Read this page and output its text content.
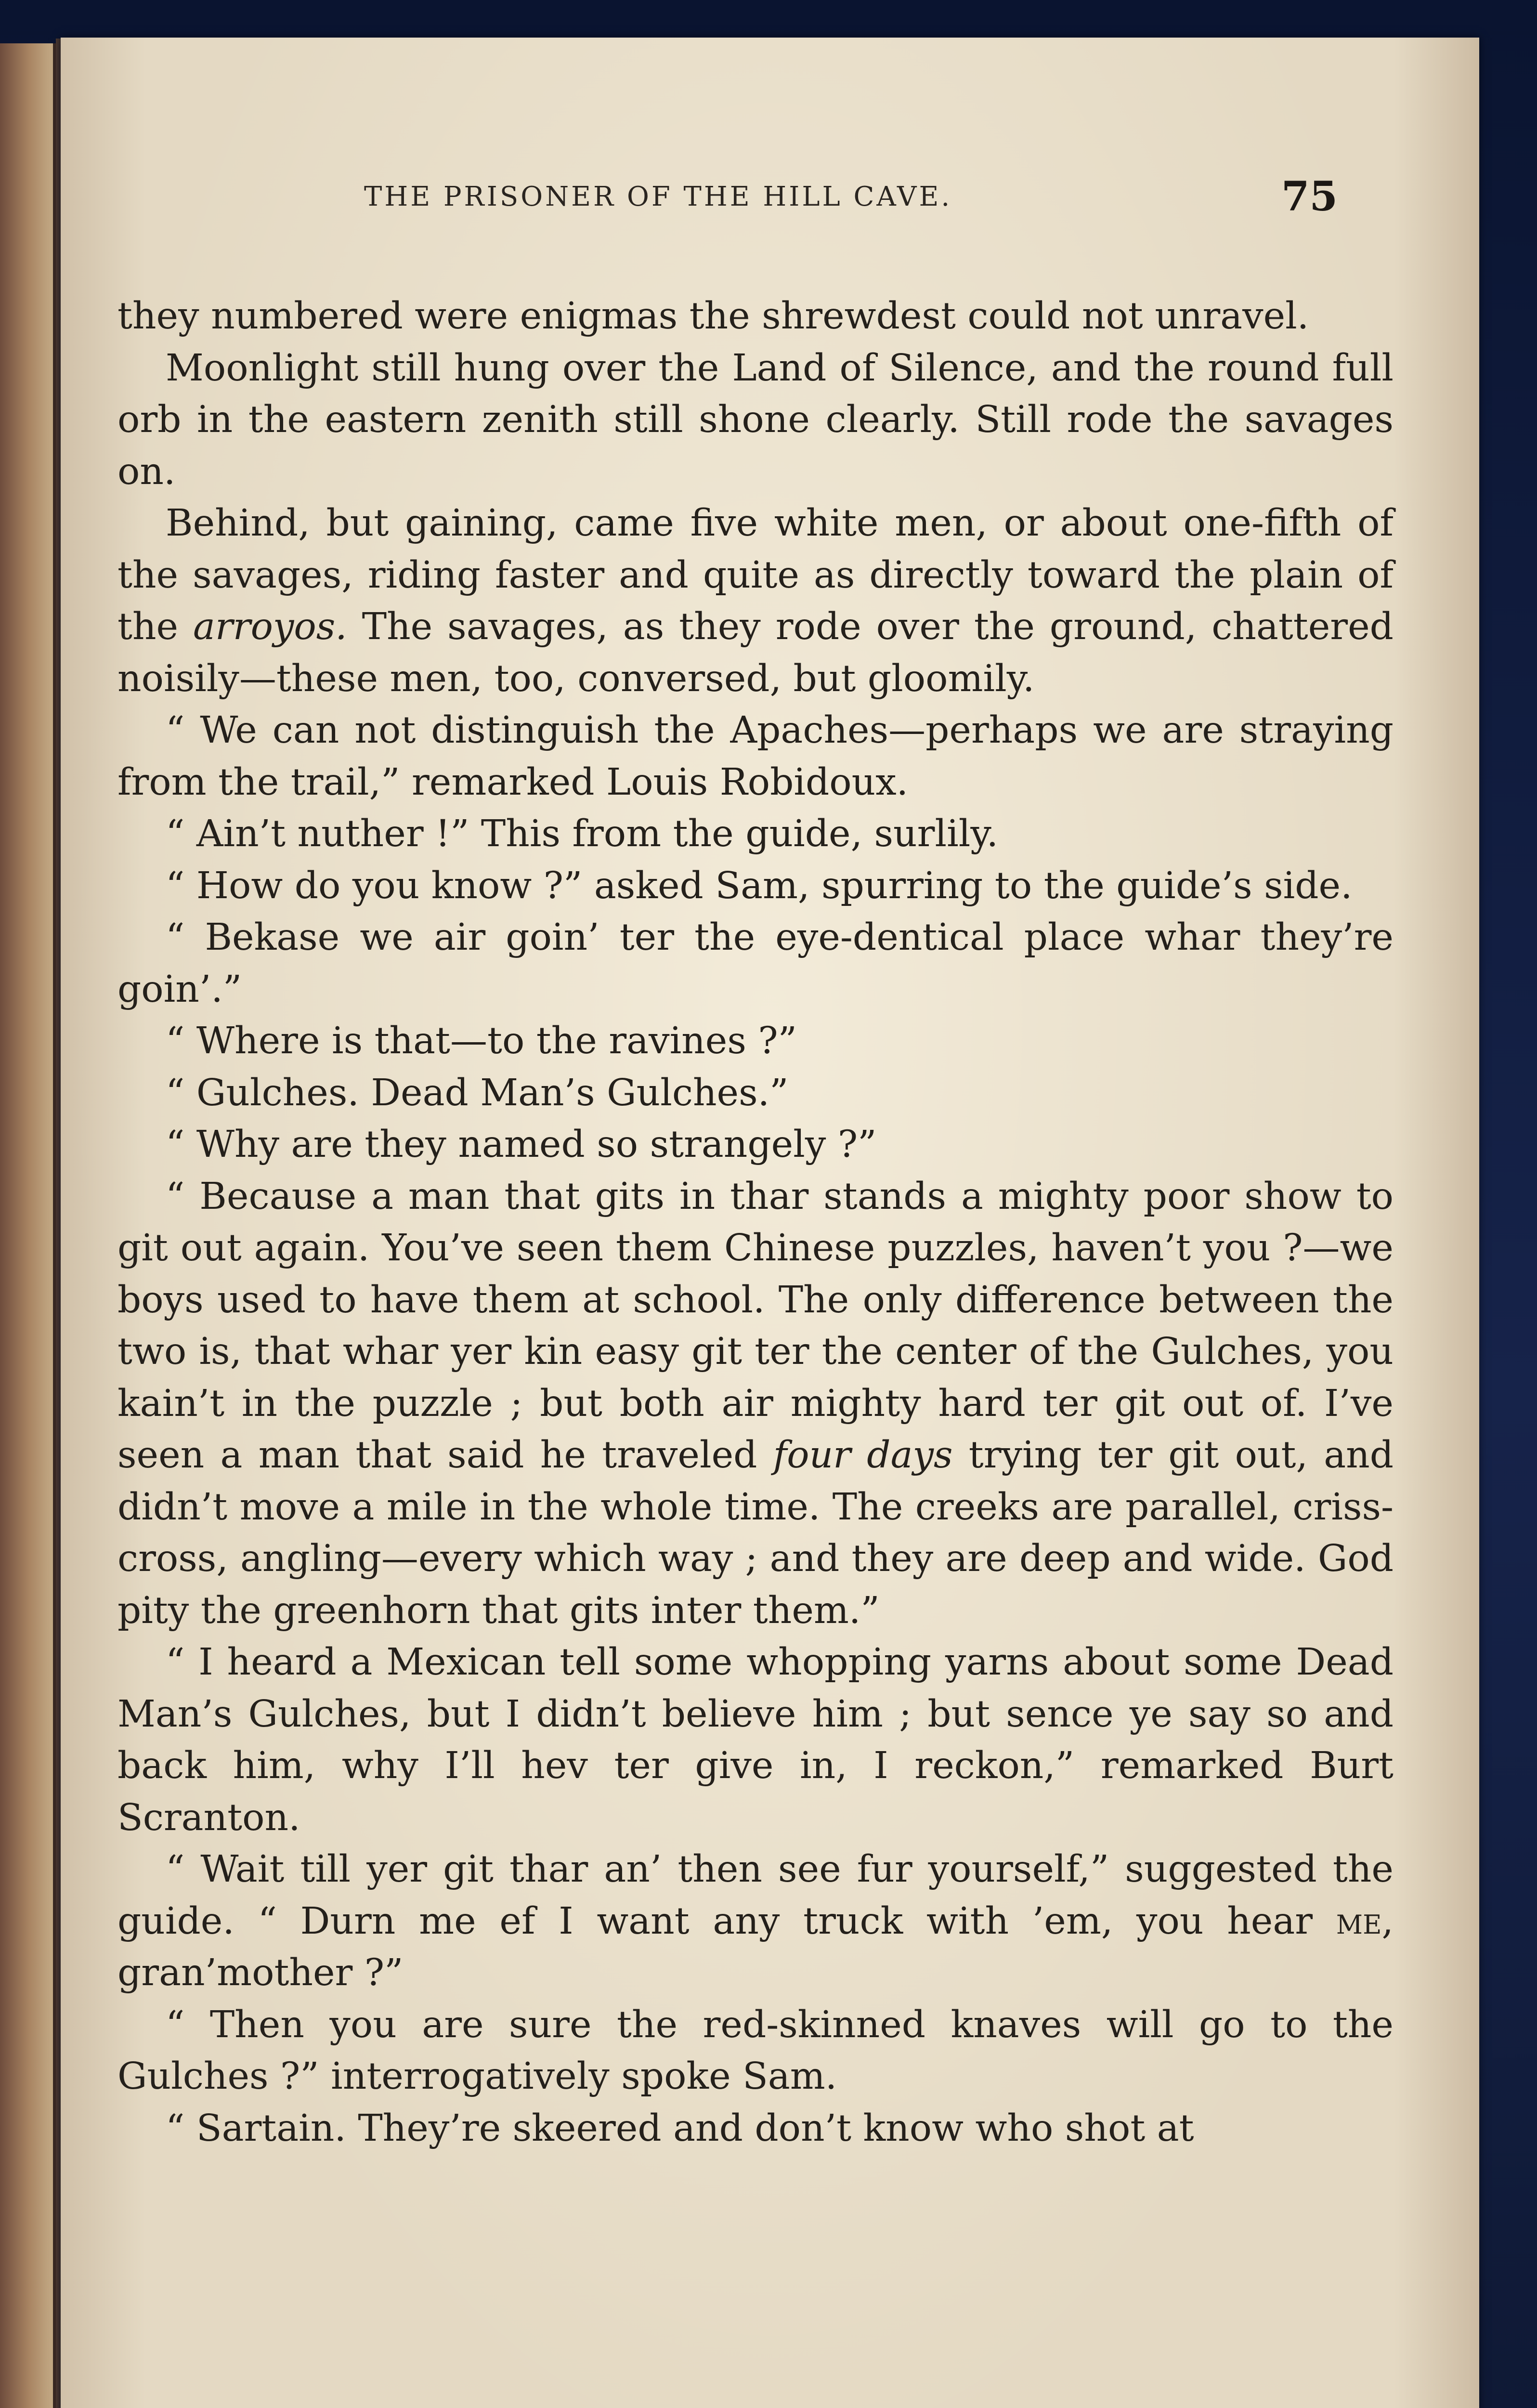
THE PRISONER OF THE HILL CAVE.	75

they numbered were enigmas the shrewdest could not unravel.

Moonlight still hung over the Land of Silence, and the round full orb in the eastern zenith still shone clearly. Still rode the savages on.

Behind, but gaining, came five white men, or about one-fifth of the savages, riding faster and quite as directly toward the plain of the arroyos. The savages, as they rode over the ground, chattered noisily—these men, too, conversed, but gloomily.

“ We can not distinguish the Apaches—perhaps we are straying from the trail,” remarked Louis Robidoux.

“ Ain’t nuther !” This from the guide, surlily.

“ How do you know ?” asked Sam, spurring to the guide’s side.

“ Bekase we air goin’ ter the eye-dentical place whar they’re goin’.”

“ Where is that—to the ravines ?”

“ Gulches. Dead Man’s Gulches.”

“ Why are they named so strangely ?”

“ Because a man that gits in thar stands a mighty poor show to git out again. You’ve seen them Chinese puzzles, haven’t you ?—we boys used to have them at school. The only difference between the two is, that whar yer kin easy git ter the center of the Gulches, you kain’t in the puzzle ; but both air mighty hard ter git out of. I’ve seen a man that said he traveled four days trying ter git out, and didn’t move a mile in the whole time. The creeks are parallel, criss-cross, angling—every which way ; and they are deep and wide. God pity the greenhorn that gits inter them.”

“ I heard a Mexican tell some whopping yarns about some Dead Man’s Gulches, but I didn’t believe him ; but sence ye say so and back him, why I’ll hev ter give in, I reckon,” remarked Burt Scranton.

“ Wait till yer git thar an’ then see fur yourself,” suggested the guide. “ Durn me ef I want any truck with ’em, you hear me, gran’mother ?”

“ Then you are sure the red-skinned knaves will go to the Gulches ?” interrogatively spoke Sam.

“ Sartain. They’re skeered and don’t know who shot at
